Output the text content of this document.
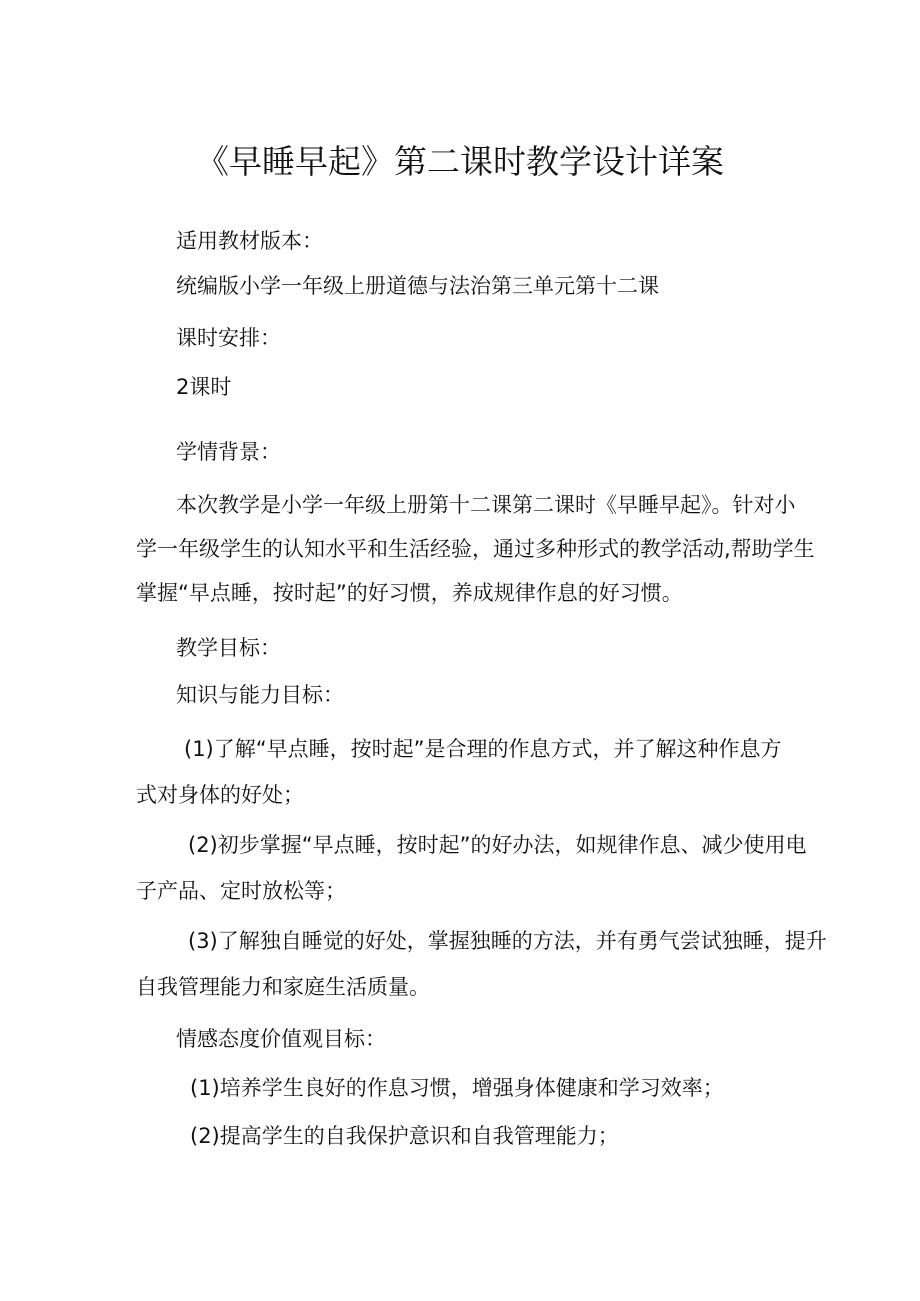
《早睡早起》第二课时教学设计详案

适用教材版本：

统编版小学一年级上册道德与法治第三单元第十二课

课时安排：

2课时

学情背景：

本次教学是小学一年级上册第十二课第二课时《早睡早起》。针对小
学一年级学生的认知水平和生活经验，通过多种形式的教学活动,帮助学生
掌握“早点睡，按时起”的好习惯，养成规律作息的好习惯。

教学目标：

知识与能力目标：

(1)了解“早点睡，按时起”是合理的作息方式，并了解这种作息方
式对身体的好处；
(2)初步掌握“早点睡，按时起”的好办法，如规律作息、减少使用电
子产品、定时放松等；
(3)了解独自睡觉的好处，掌握独睡的方法，并有勇气尝试独睡，提升
自我管理能力和家庭生活质量。

情感态度价值观目标：

(1)培养学生良好的作息习惯，增强身体健康和学习效率；

(2)提高学生的自我保护意识和自我管理能力；
